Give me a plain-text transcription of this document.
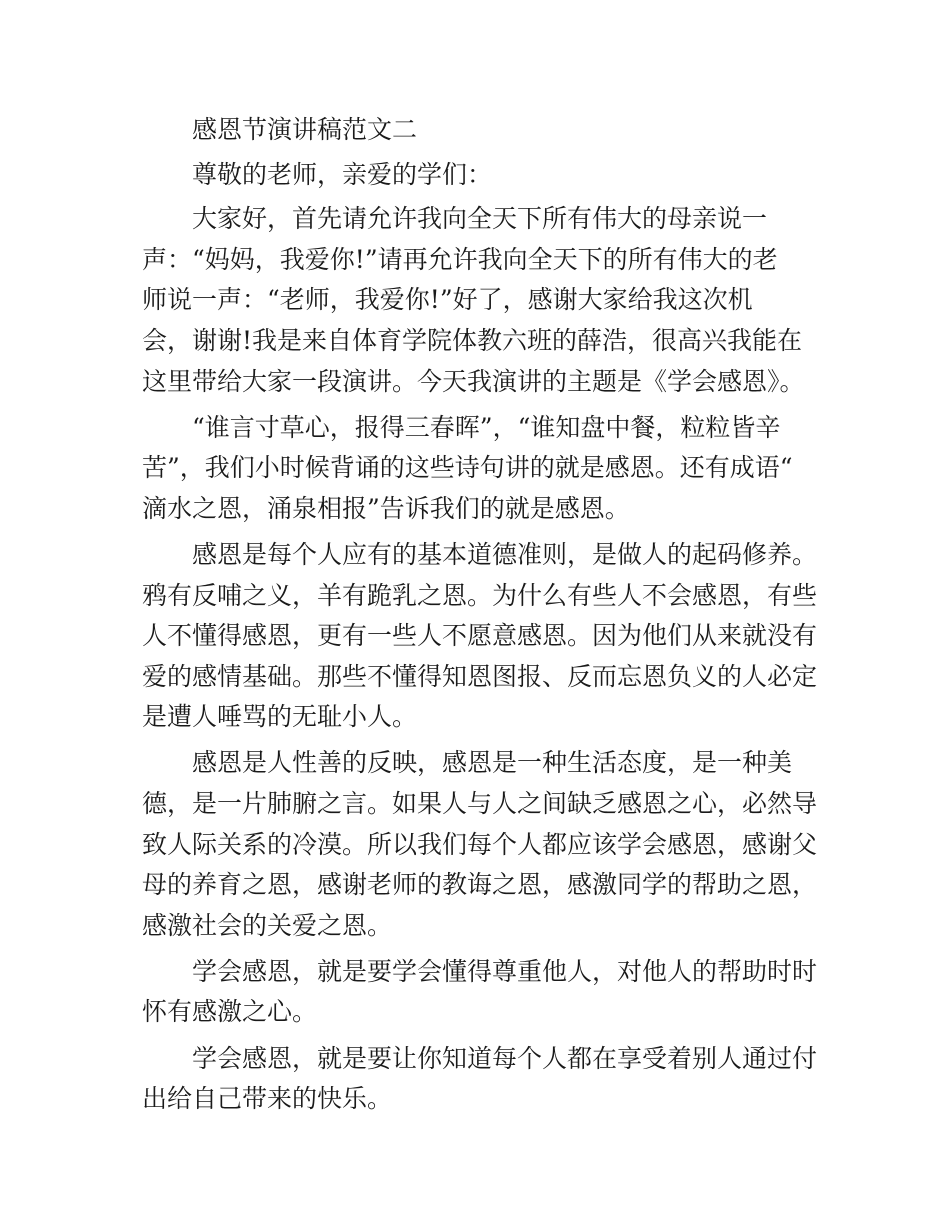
感恩节演讲稿范文二

尊敬的老师，亲爱的学们：

大家好，首先请允许我向全天下所有伟大的母亲说一
声：“妈妈，我爱你!”请再允许我向全天下的所有伟大的老
师说一声：“老师，我爱你!”好了，感谢大家给我这次机
会，谢谢!我是来自体育学院体教六班的薛浩，很高兴我能在
这里带给大家一段演讲。今天我演讲的主题是《学会感恩》。
“谁言寸草心，报得三春晖”，“谁知盘中餐，粒粒皆辛
苦”，我们小时候背诵的这些诗句讲的就是感恩。还有成语“
滴水之恩，涌泉相报”告诉我们的就是感恩。
感恩是每个人应有的基本道德准则，是做人的起码修养。
鸦有反哺之义，羊有跪乳之恩。为什么有些人不会感恩，有些
人不懂得感恩，更有一些人不愿意感恩。因为他们从来就没有
爱的感情基础。那些不懂得知恩图报、反而忘恩负义的人必定
是遭人唾骂的无耻小人。
感恩是人性善的反映，感恩是一种生活态度，是一种美
德，是一片肺腑之言。如果人与人之间缺乏感恩之心，必然导
致人际关系的冷漠。所以我们每个人都应该学会感恩，感谢父
母的养育之恩，感谢老师的教诲之恩，感激同学的帮助之恩，
感激社会的关爱之恩。
学会感恩，就是要学会懂得尊重他人，对他人的帮助时时
怀有感激之心。
学会感恩，就是要让你知道每个人都在享受着别人通过付
出给自己带来的快乐。
